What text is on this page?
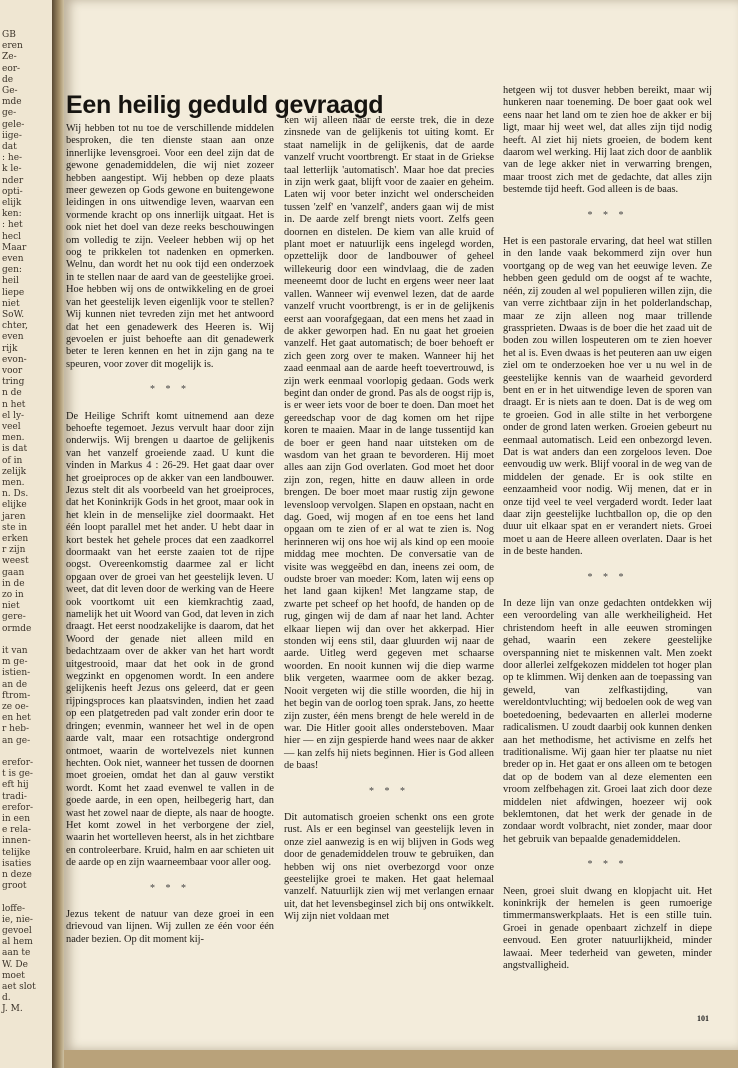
GB
eren
Ze-
eor-
de
Ge-
mde
ge-
gele-
iige-
dat
: he-
k le-
nder
opti-
elijk
ken:
: het
hecl
Maar
even
gen:
heil
liepe
niet
SoW.
chter,
even
rijk
evon-
voor
tring
n de
n het
el ly-
veel
men.
is dat
of in
zelijk
men.
n. Ds.
elijke
jaren
ste in
erken
r zijn
weest
gaan
in de
zo in
niet
gere-
ormde
it van
m ge-
istien-
an de
ftrom-
ze oe-
en het
r heb-
an ge-
erefor-
t is ge-
eft hij
tradi-
erefor-
in een
e rela-
innen-
telijke
isaties
n deze
groot
loffe-
ie, nie-
gevoel
al hem
aan te
W. De
moet
aet slot
d.
J. M.
Een heilig geduld gevraagd

Wij hebben tot nu toe de verschillende middelen besproken, die ten dienste staan aan onze innerlijke levensgroei. Voor een deel zijn dat de gewone genademiddelen, die wij niet zozeer hebben aangestipt. Wij hebben op deze plaats meer gewezen op Gods gewone en buitengewone leidingen in ons uitwendige leven, waarvan een vormende kracht op ons innerlijk uitgaat. Het is ook niet het doel van deze reeks beschouwingen om volledig te zijn. Veeleer hebben wij op het oog te prikkelen tot nadenken en opmerken. Welnu, dan wordt het nu ook tijd een onderzoek in te stellen naar de aard van de geestelijke groei. Hoe hebben wij ons de ontwikkeling en de groei van het geestelijk leven eigenlijk voor te stellen? Wij kunnen niet tevreden zijn met het antwoord dat het een genadewerk des Heeren is. Wij gevoelen er juist behoefte aan dit genadewerk beter te leren kennen en het in zijn gang na te speuren, voor zover dit mogelijk is.

* * *

De Heilige Schrift komt uitnemend aan deze behoefte tegemoet. Jezus vervult haar door zijn onderwijs. Wij brengen u daartoe de gelijkenis van het vanzelf groeiende zaad. U kunt die vinden in Markus 4 : 26-29. Het gaat daar over het groeiproces op de akker van een landbouwer. Jezus stelt dit als voorbeeld van het groeiproces, dat het Koninkrijk Gods in het groot, maar ook in het klein in de menselijke ziel doormaakt. Het één loopt parallel met het ander. U hebt daar in kort bestek het gehele proces dat een zaadkorrel doormaakt van het eerste zaaien tot de rijpe oogst. Overeenkomstig daarmee zal er licht opgaan over de groei van het geestelijk leven. U weet, dat dit leven door de werking van de Heere ook voortkomt uit een kiemkrachtig zaad, namelijk het uit Woord van God, dat leven in zich draagt. Het eerst noodzakelijke is daarom, dat het Woord der genade niet alleen mild en bedachtzaam over de akker van het hart wordt uitgestrooid, maar dat het ook in de grond wegzinkt en opgenomen wordt. In een andere gelijkenis heeft Jezus ons geleerd, dat er geen rijpingsproces kan plaatsvinden, indien het zaad op een platgetreden pad valt zonder erin door te dringen; evenmin, wanneer het wel in de open aarde valt, maar een rotsachtige ondergrond ontmoet, waarin de wortelvezels niet kunnen hechten. Ook niet, wanneer het tussen de doornen moet groeien, omdat het dan al gauw verstikt wordt. Komt het zaad evenwel te vallen in de goede aarde, in een open, heilbegerig hart, dan wast het zowel naar de diepte, als naar de hoogte. Het komt zowel in het verborgene der ziel, waarin het wortelleven heerst, als in het zichtbare en controleerbare. Kruid, halm en aar schieten uit de aarde op en zijn waarneembaar voor aller oog.

* * *

Jezus tekent de natuur van deze groei in een drievoud van lijnen. Wij zullen ze één voor één nader bezien. Op dit moment kij-

ken wij alleen naar de eerste trek, die in deze zinsnede van de gelijkenis tot uiting komt. Er staat namelijk in de gelijkenis, dat de aarde vanzelf vrucht voortbrengt. Er staat in de Griekse taal letterlijk 'automatisch'. Maar hoe dat precies in zijn werk gaat, blijft voor de zaaier en geheim. Laten wij voor beter inzicht wel onderscheiden tussen 'zelf' en 'vanzelf', anders gaan wij de mist in. De aarde zelf brengt niets voort. Zelfs geen doornen en distelen. De kiem van alle kruid of plant moet er natuurlijk eens ingelegd worden, opzettelijk door de landbouwer of geheel willekeurig door een windvlaag, die de zaden meeneemt door de lucht en ergens weer neer laat vallen. Wanneer wij evenwel lezen, dat de aarde vanzelf vrucht voortbrengt, is er in de gelijkenis eerst aan voorafgegaan, dat een mens het zaad in de akker geworpen had. En nu gaat het groeien vanzelf. Het gaat automatisch; de boer behoeft er zich geen zorg over te maken. Wanneer hij het zaad eenmaal aan de aarde heeft toevertrouwd, is zijn werk eenmaal voorlopig gedaan. Gods werk begint dan onder de grond. Pas als de oogst rijp is, is er weer iets voor de boer te doen. Dan moet het gereedschap voor de dag komen om het rijpe koren te maaien. Maar in de lange tussentijd kan de boer er geen hand naar uitsteken om de wasdom van het graan te bevorderen. Hij moet alles aan zijn God overlaten. God moet het door zijn zon, regen, hitte en dauw alleen in orde brengen. De boer moet maar rustig zijn gewone levensloop vervolgen. Slapen en opstaan, nacht en dag. Goed, wij mogen af en toe eens het land opgaan om te zien of er al wat te zien is. Nog herinneren wij ons hoe wij als kind op een mooie middag mee mochten. De conversatie van de visite was weggeëbd en dan, ineens zei oom, de oudste broer van moeder: Kom, laten wij eens op het land gaan kijken! Met langzame stap, de zwarte pet scheef op het hoofd, de handen op de rug, gingen wij de dam af naar het land. Achter elkaar liepen wij dan over het akkerpad. Hier stonden wij eens stil, daar gluurden wij naar de aarde. Uitleg werd gegeven met schaarse woorden. En nooit kunnen wij die diep warme blik vergeten, waarmee oom de akker bezag. Nooit vergeten wij die stille woorden, die hij in het begin van de oorlog toen sprak. Jans, zo heette zijn zuster, één mens brengt de hele wereld in de war. Die Hitler gooit alles ondersteboven. Maar hier — en zijn gespierde hand wees naar de akker — kan zelfs hij niets beginnen. Hier is God alleen de baas!

* * *

Dit automatisch groeien schenkt ons een grote rust. Als er een beginsel van geestelijk leven in onze ziel aanwezig is en wij blijven in Gods weg door de genademiddelen trouw te gebruiken, dan hebben wij ons niet overbezorgd voor onze geestelijke groei te maken. Het gaat helemaal vanzelf. Natuurlijk zien wij met verlangen ernaar uit, dat het levensbeginsel zich bij ons ontwikkelt. Wij zijn niet voldaan met

hetgeen wij tot dusver hebben bereikt, maar wij hunkeren naar toeneming. De boer gaat ook wel eens naar het land om te zien hoe de akker er bij ligt, maar hij weet wel, dat alles zijn tijd nodig heeft. Al ziet hij niets groeien, de bodem kent daarom wel werking. Hij laat zich door de aanblik van de lege akker niet in verwarring brengen, maar troost zich met de gedachte, dat alles zijn bestemde tijd heeft. God alleen is de baas.

* * *

Het is een pastorale ervaring, dat heel wat stillen in den lande vaak bekommerd zijn over hun voortgang op de weg van het eeuwige leven. Ze hebben geen geduld om de oogst af te wachte, néén, zij zouden al wel populieren willen zijn, die van verre zichtbaar zijn in het polderlandschap, maar ze zijn alleen nog maar trillende grassprieten. Dwaas is de boer die het zaad uit de boden zou willen lospeuteren om te zien hoever het al is. Even dwaas is het peuteren aan uw eigen ziel om te onderzoeken hoe ver u nu wel in de geestelijke kennis van de waarheid gevorderd bent en er in het uitwendige leven de sporen van draagt. Er is niets aan te doen. Dat is de weg om te groeien. God in alle stilte in het verborgene onder de grond laten werken. Groeien gebeurt nu eenmaal automatisch. Leid een onbezorgd leven. Dat is wat anders dan een zorgeloos leven. Doe eenvoudig uw werk. Blijf vooral in de weg van de middelen der genade. Er is ook stilte en eenzaamheid voor nodig. Wij menen, dat er in onze tijd veel te veel vergaderd wordt. Ieder laat daar zijn geestelijke luchtballon op, die op den duur uit elkaar spat en er verandert niets. Groei moet u aan de Heere alleen overlaten. Daar is het in de beste handen.

* * *

In deze lijn van onze gedachten ontdekken wij een veroordeling van alle werkheiligheid. Het christendom heeft in alle eeuwen stromingen gehad, waarin een zekere geestelijke overspanning niet te miskennen valt. Men zoekt door allerlei zelfgekozen middelen tot hoger plan op te klimmen. Wij denken aan de toepassing van geweld, van zelfkastijding, van wereldontvluchting; wij bedoelen ook de weg van boetedoening, bedevaarten en allerlei moderne radicalismen. U zoudt daarbij ook kunnen denken aan het methodisme, het activisme en zelfs het traditionalisme. Wij gaan hier ter plaatse nu niet breder op in. Het gaat er ons alleen om te betogen dat op de bodem van al deze elementen een vroom zelfbehagen zit. Groei laat zich door deze middelen niet afdwingen, hoezeer wij ook beklemtonen, dat het werk der genade in de zondaar wordt volbracht, niet zonder, maar door het gebruik van bepaalde genademiddelen.

* * *

Neen, groei sluit dwang en klopjacht uit. Het koninkrijk der hemelen is geen rumoerige timmermanswerkplaats. Het is een stille tuin. Groei in genade openbaart zichzelf in diepe eenvoud. Een groter natuurlijkheid, minder lawaai. Meer tederheid van geweten, minder angstvalligheid.

101
